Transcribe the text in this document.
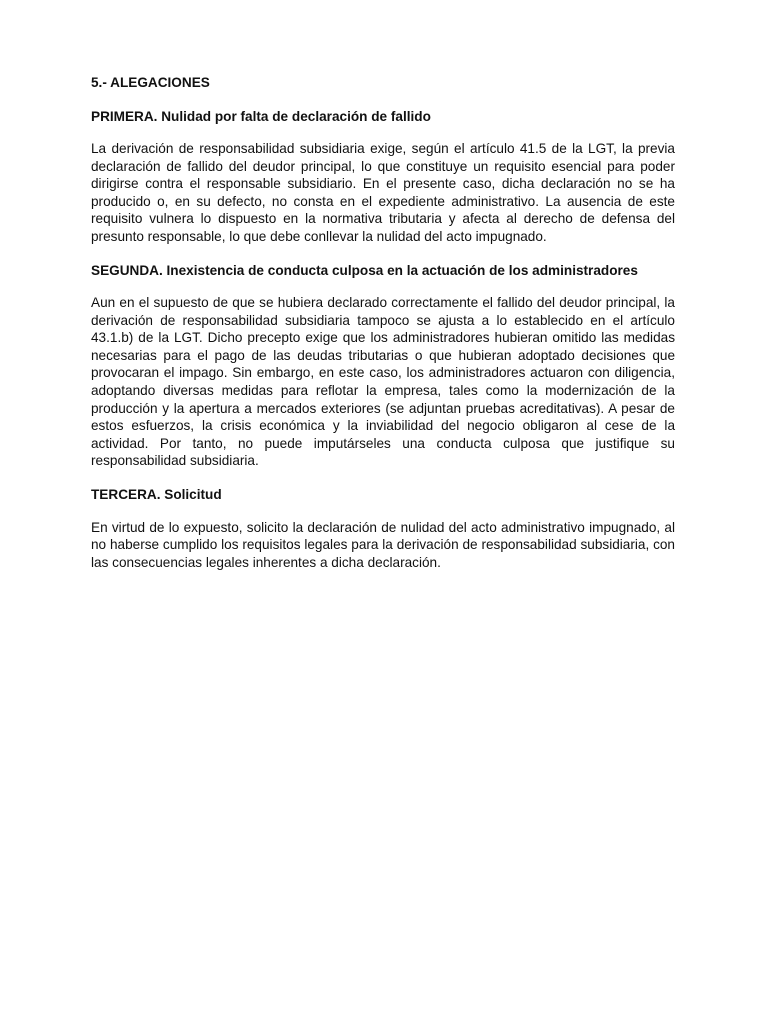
5.- ALEGACIONES

PRIMERA. Nulidad por falta de declaración de fallido

La derivación de responsabilidad subsidiaria exige, según el artículo 41.5 de la LGT, la previa declaración de fallido del deudor principal, lo que constituye un requisito esencial para poder dirigirse contra el responsable subsidiario. En el presente caso, dicha declaración no se ha producido o, en su defecto, no consta en el expediente administrativo. La ausencia de este requisito vulnera lo dispuesto en la normativa tributaria y afecta al derecho de defensa del presunto responsable, lo que debe conllevar la nulidad del acto impugnado.

SEGUNDA. Inexistencia de conducta culposa en la actuación de los administradores

Aun en el supuesto de que se hubiera declarado correctamente el fallido del deudor principal, la derivación de responsabilidad subsidiaria tampoco se ajusta a lo establecido en el artículo 43.1.b) de la LGT. Dicho precepto exige que los administradores hubieran omitido las medidas necesarias para el pago de las deudas tributarias o que hubieran adoptado decisiones que provocaran el impago. Sin embargo, en este caso, los administradores actuaron con diligencia, adoptando diversas medidas para reflotar la empresa, tales como la modernización de la producción y la apertura a mercados exteriores (se adjuntan pruebas acreditativas). A pesar de estos esfuerzos, la crisis económica y la inviabilidad del negocio obligaron al cese de la actividad. Por tanto, no puede imputárseles una conducta culposa que justifique su responsabilidad subsidiaria.

TERCERA. Solicitud

En virtud de lo expuesto, solicito la declaración de nulidad del acto administrativo impugnado, al no haberse cumplido los requisitos legales para la derivación de responsabilidad subsidiaria, con las consecuencias legales inherentes a dicha declaración.
